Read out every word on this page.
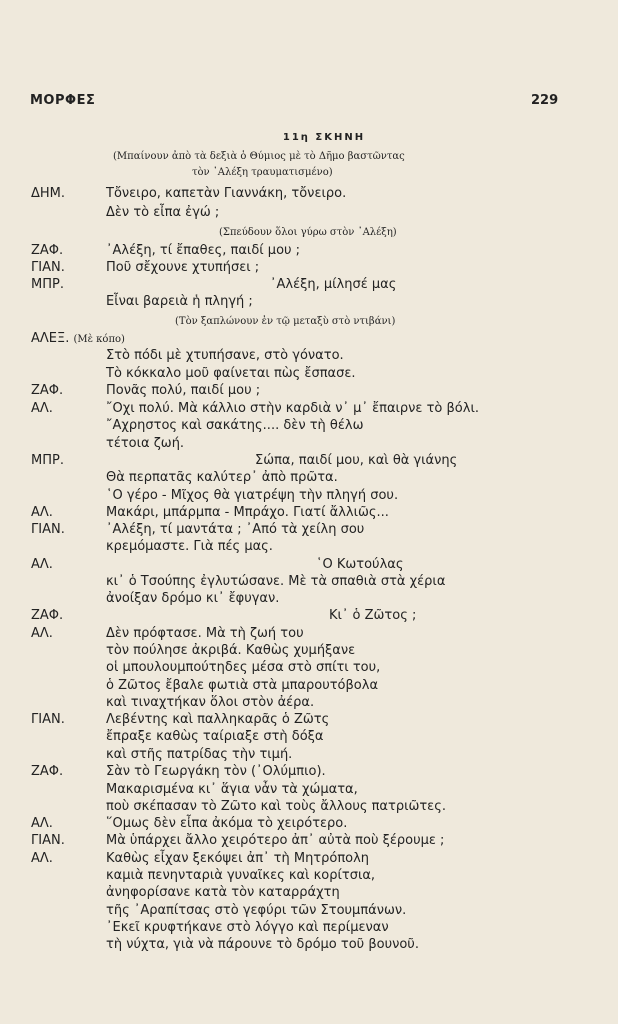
ΜΟΡΦΕΣ	229
11η ΣΚΗΝΗ
(Μπαίνουν ἀπὸ τὰ δεξιὰ ὁ Θύμιος μὲ τὸ Δῆμο βαστῶντας
τὸν ᾿Αλέξη τραυματισμένο)
ΔΗΜ.	Τὄνειρο, καπετὰν Γιαννάκη, τὄνειρο.
Δὲν τὸ εἶπα ἐγώ ;
(Σπεύδουν ὅλοι γύρω στὸν ᾿Αλέξη)
ΖΑΦ.	᾿Αλέξη, τί ἔπαθες, παιδί μου ;
ΓΙΑΝ.	Ποῦ σἔχουνε χτυπήσει ;
ΜΠΡ.	᾿Αλέξη, μίλησέ μας
Εἶναι βαρειὰ ἡ πληγή ;
(Τὸν ξαπλώνουν ἐν τῷ μεταξὺ στὸ ντιβάνι)
ΑΛΕΞ. (Μὲ κόπο)
Στὸ πόδι μὲ χτυπήσανε, στὸ γόνατο.
Τὸ κόκκαλο μοῦ φαίνεται πὼς ἔσπασε.
ΖΑΦ.	Πονᾶς πολύ, παιδί μου ;
ΑΛ.	῎Οχι πολύ. Μὰ κάλλιο στὴν καρδιὰ ν᾿ μ᾿ ἔπαιρνε τὸ βόλι.
῎Αχρηστος καὶ σακάτης.... δὲν τὴ θέλω
τέτοια ζωή.
ΜΠΡ.	Σώπα, παιδί μου, καὶ θὰ γιάνης
Θὰ περπατᾶς καλύτερ᾿ ἀπὸ πρῶτα.
῾Ο γέρο - Μῖχος θὰ γιατρέψη τὴν πληγή σου.
ΑΛ.	Μακάρι, μπάρμπα - Μπράχο. Γιατί ἄλλιῶς...
ΓΙΑΝ.	᾿Αλέξη, τί μαντάτα ; ᾿Από τὰ χείλη σου
κρεμόμαστε. Γιὰ πές μας.
ΑΛ.	῾Ο Κωτούλας
κι᾿ ὁ Τσούπης ἐγλυτώσανε. Μὲ τὰ σπαθιὰ στὰ χέρια
ἀνοίξαν δρόμο κι᾿ ἔφυγαν.
ΖΑΦ.	Κι᾿ ὁ Ζῶτος ;
ΑΛ.	Δὲν πρόφτασε. Μὰ τὴ ζωή του
τὸν πούλησε ἀκριβά. Καθὼς χυμήξανε
οἱ μπουλουμπούτηδες μέσα στὸ σπίτι του,
ὁ Ζῶτος ἔβαλε φωτιὰ στὰ μπαρουτόβολα
καὶ τιναχτήκαν ὅλοι στὸν ἀέρα.
ΓΙΑΝ.	Λεβέντης καὶ παλληκαρᾶς ὁ Ζῶτς
ἔπραξε καθὼς ταίριαξε στὴ δόξα
καὶ στῆς πατρίδας τὴν τιμή.
ΖΑΦ.	Σὰν τὸ Γεωργάκη τὸν (᾿Ολύμπιο).
Μακαρισμένα κι᾿ ἅγια νἆν τὰ χώματα,
ποὺ σκέπασαν τὸ Ζῶτο καὶ τοὺς ἄλλους πατριῶτες.
ΑΛ.	῞Ομως δὲν εἶπα ἀκόμα τὸ χειρότερο.
ΓΙΑΝ.	Μὰ ὑπάρχει ἄλλο χειρότερο ἀπ᾿ αὐτὰ ποὺ ξέρουμε ;
ΑΛ.	Καθὼς εἶχαν ξεκόψει ἀπ᾿ τὴ Μητρόπολη
καμιὰ πενηνταριὰ γυναῖκες καὶ κορίτσια,
ἀνηφορίσανε κατὰ τὸν καταρράχτη
τῆς ᾿Αραπίτσας στὸ γεφύρι τῶν Στουμπάνων.
᾿Εκεῖ κρυφτήκανε στὸ λόγγο καὶ περίμεναν
τὴ νύχτα, γιὰ νὰ πάρουνε τὸ δρόμο τοῦ βουνοῦ.
